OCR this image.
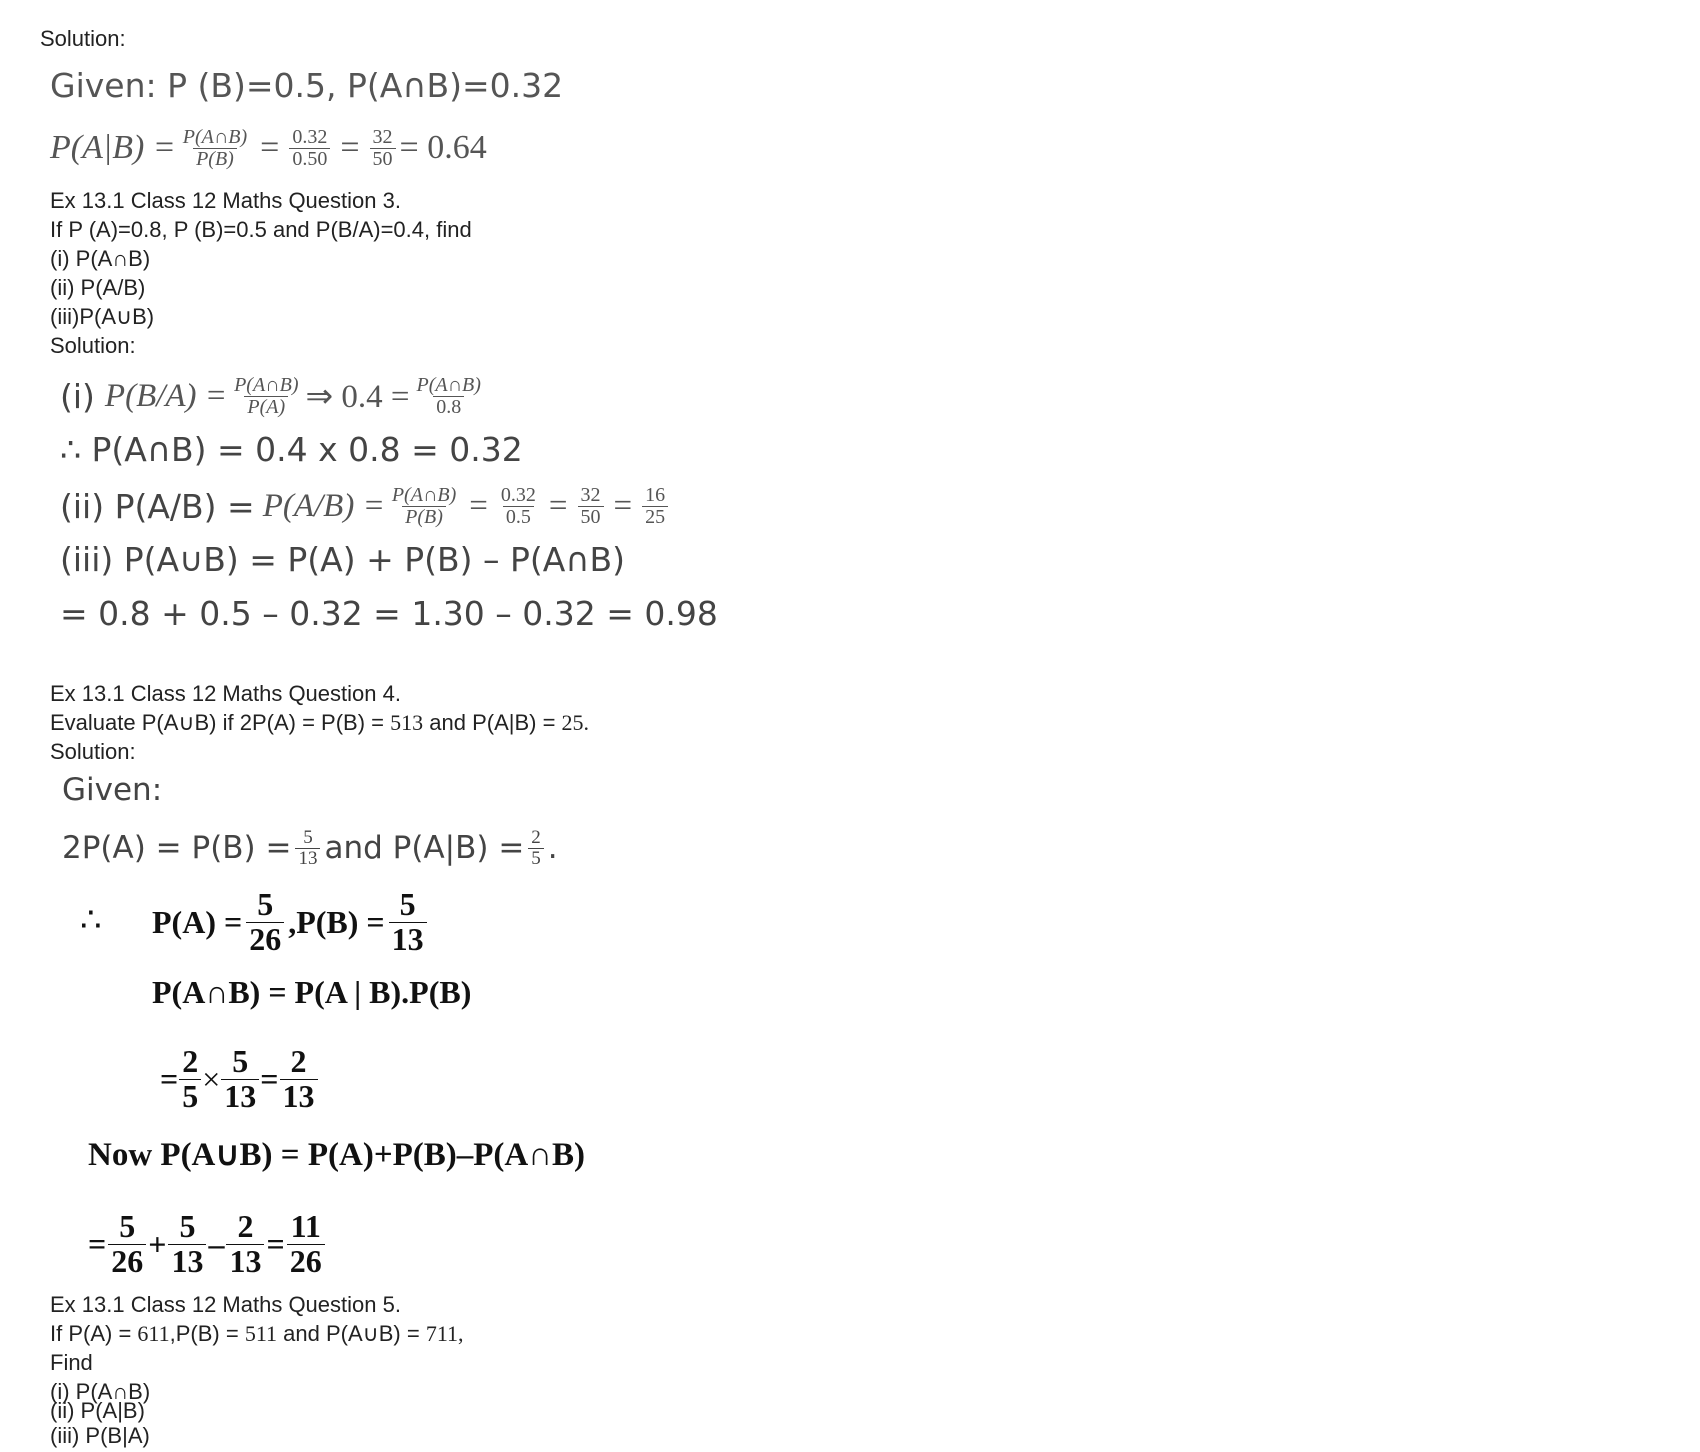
Solution:
Given: P (B)=0.5, P(A∩B)=0.32
$P(A|B) = \frac{P(A\cap B)}{P(B)} = \frac{0.32}{0.50} = \frac{32}{50} = 0.64$
Ex 13.1 Class 12 Maths Question 3.
If P (A)=0.8, P (B)=0.5 and P(B/A)=0.4, find
(i) P(A∩B)
(ii) P(A/B)
(iii)P(A∪B)
Solution:
(i) $P(B/A) = \frac{P(A\cap B)}{P(A)}$ ⇒ $0.4 = \frac{P(A\cap B)}{0.8}$
∴ P(A∩B) = 0.4 x 0.8 = 0.32
(ii) $P(A/B) = P(A/B) = \frac{P(A\cap B)}{P(B)} = \frac{0.32}{0.5} = \frac{32}{50} = \frac{16}{25}$
(iii) P(A∪B) = P(A) + P(B) – P(A∩B)
= 0.8 + 0.5 – 0.32 = 1.30 – 0.32 = 0.98
Ex 13.1 Class 12 Maths Question 4.
Evaluate P(A∪B) if 2P(A) = P(B) = 513 and P(A|B) = 25.
Solution:
Given:
$2P(A) = P(B) = \frac{5}{13}$ and $P(A|B) = \frac{2}{5}$ .
∴ $P(A) = \frac{5}{26} ,P(B) = \frac{5}{13}$
P(A∩B) = P(A | B).P(B)
= $\frac{2}{5} \times \frac{5}{13} = \frac{2}{13}$
Now P(A∪B) = P(A)+P(B)–P(A∩B)
= $\frac{5}{26} + \frac{5}{13} - \frac{2}{13} = \frac{11}{26}$
Ex 13.1 Class 12 Maths Question 5.
If P(A) = 611,P(B) = 511 and P(A∪B) = 711,
Find
(i) P(A∩B)
(ii) P(A|B)
(iii) P(B|A)
